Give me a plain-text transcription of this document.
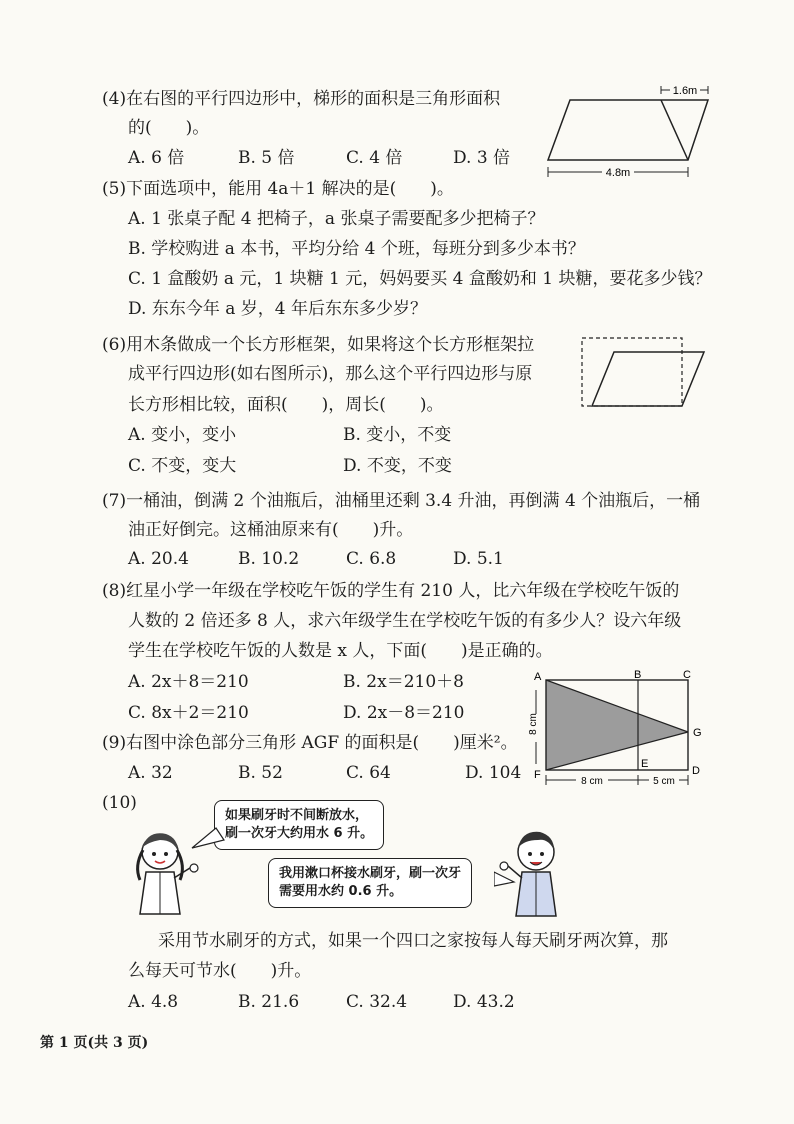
(4)在右图的平行四边形中，梯形的面积是三角形面积
的(　　)。
A. 6 倍	B. 5 倍	C. 4 倍	D. 3 倍
1.6m
4.8m
(5)下面选项中，能用 4a＋1 解决的是(　　)。
A. 1 张桌子配 4 把椅子，a 张桌子需要配多少把椅子？
B. 学校购进 a 本书，平均分给 4 个班，每班分到多少本书？
C. 1 盒酸奶 a 元，1 块糖 1 元，妈妈要买 4 盒酸奶和 1 块糖，要花多少钱？
D. 东东今年 a 岁，4 年后东东多少岁？
(6)用木条做成一个长方形框架，如果将这个长方形框架拉
成平行四边形(如右图所示)，那么这个平行四边形与原
长方形相比较，面积(　　)，周长(　　)。
A. 变小，变小	B. 变小，不变
C. 不变，变大	D. 不变，不变
(7)一桶油，倒满 2 个油瓶后，油桶里还剩 3.4 升油，再倒满 4 个油瓶后，一桶
油正好倒完。这桶油原来有(　　)升。
A. 20.4	B. 10.2	C. 6.8	D. 5.1
(8)红星小学一年级在学校吃午饭的学生有 210 人，比六年级在学校吃午饭的
人数的 2 倍还多 8 人，求六年级学生在学校吃午饭的有多少人？设六年级
学生在学校吃午饭的人数是 x 人，下面(　　)是正确的。
A. 2x＋8＝210	B. 2x＝210＋8
C. 8x＋2＝210	D. 2x－8＝210
(9)右图中涂色部分三角形 AGF 的面积是(　　)厘米²。
A. 32	B. 52	C. 64	D. 104
A	B	C
G
D
E
F
8 cm
8 cm	5 cm
(10)
如果刷牙时不间断放水，
刷一次牙大约用水 6 升。
我用漱口杯接水刷牙，刷一次牙
需要用水约 0.6 升。
采用节水刷牙的方式，如果一个四口之家按每人每天刷牙两次算，那
么每天可节水(　　)升。
A. 4.8	B. 21.6	C. 32.4	D. 43.2
第 1 页(共 3 页)
